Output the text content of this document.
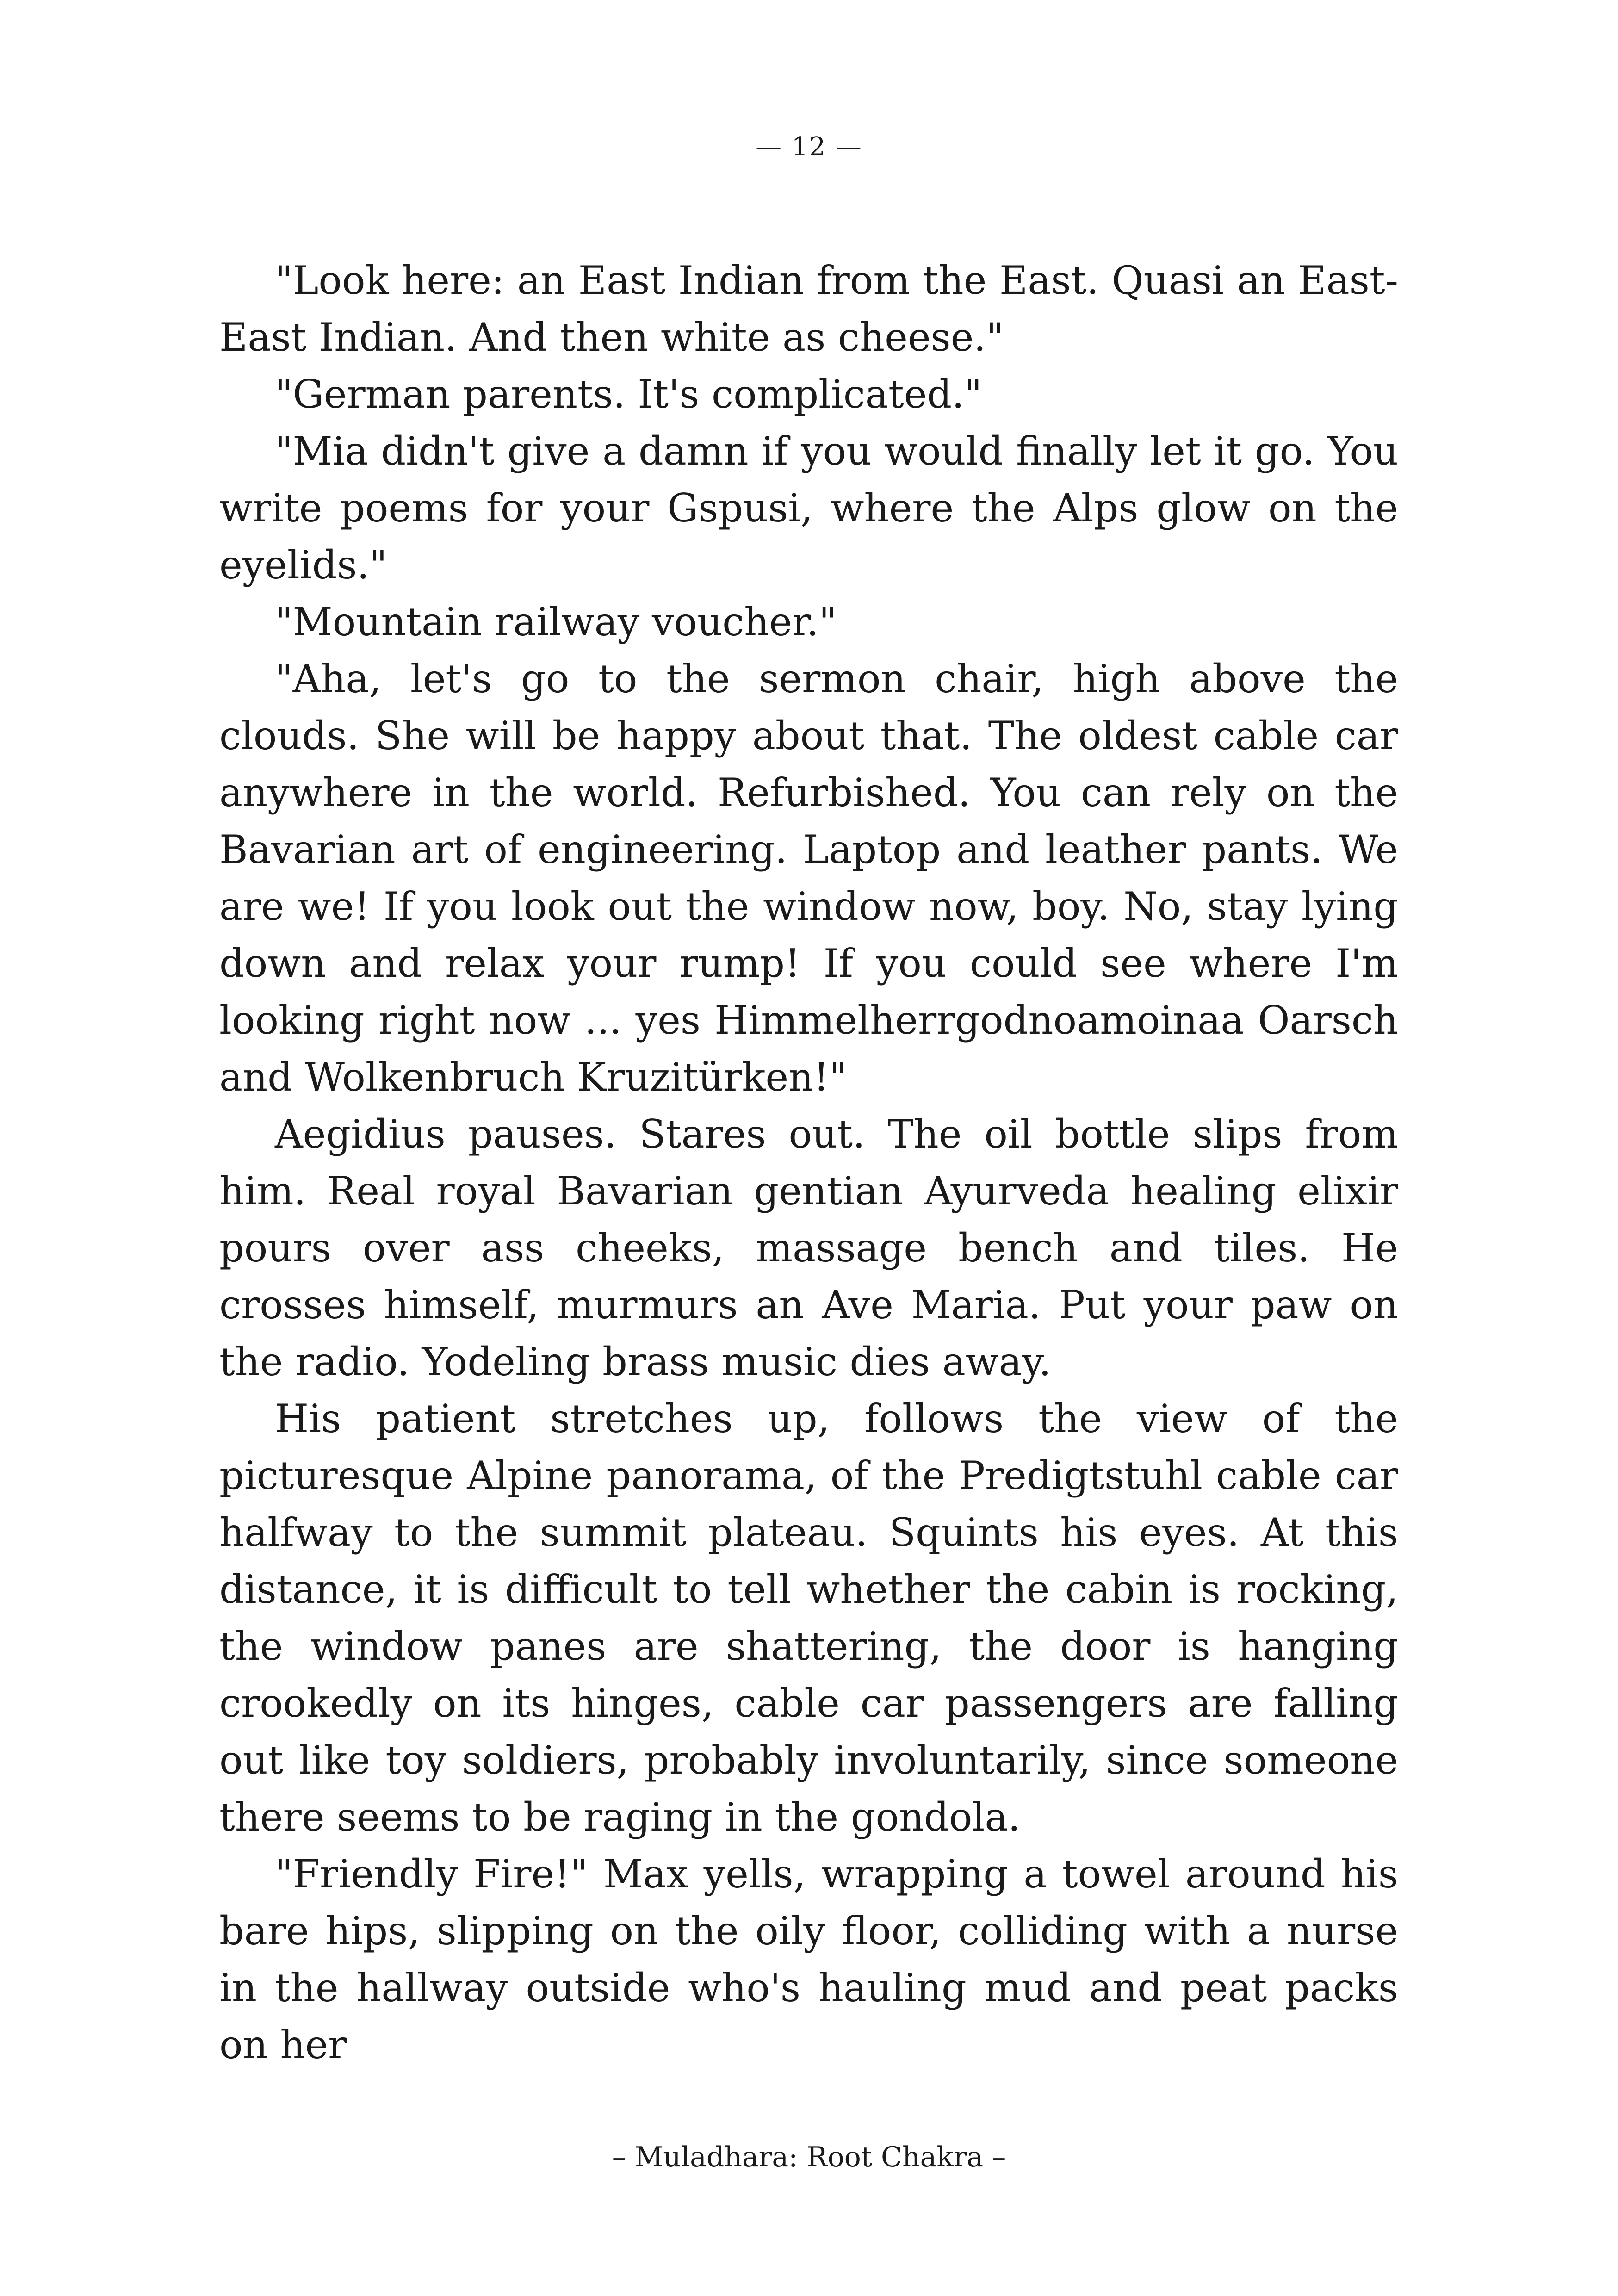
— 12 —

"Look here: an East Indian from the East. Quasi an East-East Indian. And then white as cheese."

"German parents. It's complicated."

"Mia didn't give a damn if you would finally let it go. You write poems for your Gspusi, where the Alps glow on the eyelids."

"Mountain railway voucher."

"Aha, let's go to the sermon chair, high above the clouds. She will be happy about that. The oldest cable car anywhere in the world. Refurbished. You can rely on the Bavarian art of engineering. Laptop and leather pants. We are we! If you look out the window now, boy. No, stay lying down and relax your rump! If you could see where I'm looking right now ... yes Himmelherrgodnoamoinaa Oarsch and Wolkenbruch Kruzitürken!"

Aegidius pauses. Stares out. The oil bottle slips from him. Real royal Bavarian gentian Ayurveda healing elixir pours over ass cheeks, massage bench and tiles. He crosses himself, murmurs an Ave Maria. Put your paw on the radio. Yodeling brass music dies away.

His patient stretches up, follows the view of the picturesque Alpine panorama, of the Predigtstuhl cable car halfway to the summit plateau. Squints his eyes. At this distance, it is difficult to tell whether the cabin is rocking, the window panes are shattering, the door is hanging crookedly on its hinges, cable car passengers are falling out like toy soldiers, probably involuntarily, since someone there seems to be raging in the gondola.

"Friendly Fire!" Max yells, wrapping a towel around his bare hips, slipping on the oily floor, colliding with a nurse in the hallway outside who's hauling mud and peat packs on her

– Muladhara: Root Chakra –
